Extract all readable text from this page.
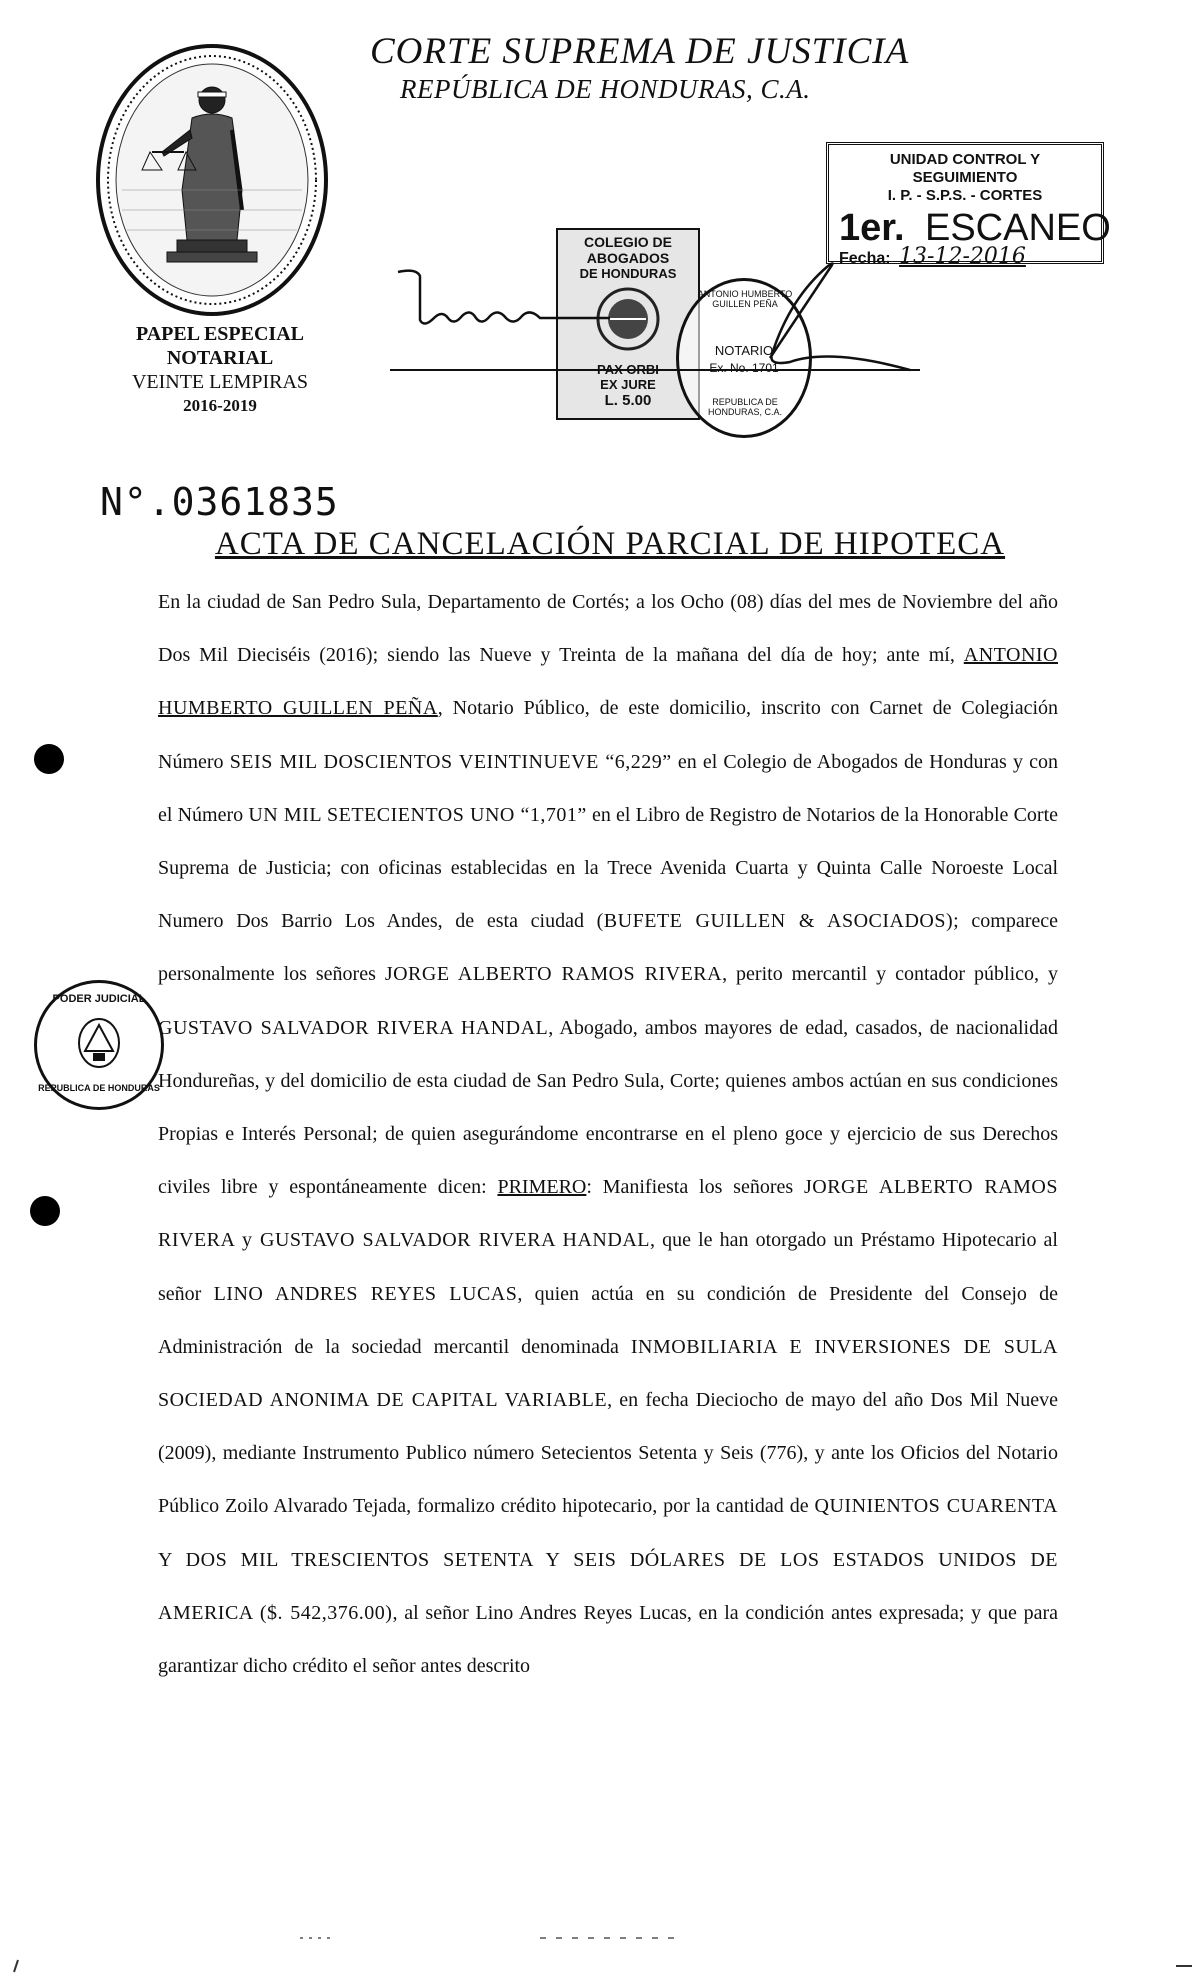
CORTE SUPREMA DE JUSTICIA
REPÚBLICA DE HONDURAS, C.A.
PAPEL ESPECIAL
NOTARIAL
VEINTE LEMPIRAS
2016-2019
COLEGIO DE
ABOGADOS
DE HONDURAS
PAX ORBI
EX JURE
L. 5.00
ANTONIO HUMBERTO GUILLEN PEÑA
NOTARIO
Ex. No. 1701
REPUBLICA DE HONDURAS, C.A.
UNIDAD CONTROL Y SEGUIMIENTO
I. P. - S.P.S. - CORTES
1er. ESCANEO
Fecha: 13-12-2016
N°.0361835
ACTA DE CANCELACIÓN PARCIAL DE HIPOTECA
PODER JUDICIAL
REPUBLICA DE HONDURAS

En la ciudad de San Pedro Sula, Departamento de Cortés; a los Ocho (08) días del mes de Noviembre del año Dos Mil Dieciséis (2016); siendo las Nueve y Treinta de la mañana del día de hoy; ante mí, ANTONIO HUMBERTO GUILLEN PEÑA, Notario Público, de este domicilio, inscrito con Carnet de Colegiación Número SEIS MIL DOSCIENTOS VEINTINUEVE “6,229” en el Colegio de Abogados de Honduras y con el Número UN MIL SETECIENTOS UNO “1,701” en el Libro de Registro de Notarios de la Honorable Corte Suprema de Justicia; con oficinas establecidas en la Trece Avenida Cuarta y Quinta Calle Noroeste Local Numero Dos Barrio Los Andes, de esta ciudad (BUFETE GUILLEN & ASOCIADOS); comparece personalmente los señores JORGE ALBERTO RAMOS RIVERA, perito mercantil y contador público, y GUSTAVO SALVADOR RIVERA HANDAL, Abogado, ambos mayores de edad, casados, de nacionalidad Hondureñas, y del domicilio de esta ciudad de San Pedro Sula, Corte; quienes ambos actúan en sus condiciones Propias e Interés Personal; de quien asegurándome encontrarse en el pleno goce y ejercicio de sus Derechos civiles libre y espontáneamente dicen: PRIMERO: Manifiesta los señores JORGE ALBERTO RAMOS RIVERA y GUSTAVO SALVADOR RIVERA HANDAL, que le han otorgado un Préstamo Hipotecario al señor LINO ANDRES REYES LUCAS, quien actúa en su condición de Presidente del Consejo de Administración de la sociedad mercantil denominada INMOBILIARIA E INVERSIONES DE SULA SOCIEDAD ANONIMA DE CAPITAL VARIABLE, en fecha Dieciocho de mayo del año Dos Mil Nueve (2009), mediante Instrumento Publico número Setecientos Setenta y Seis (776), y ante los Oficios del Notario Público Zoilo Alvarado Tejada, formalizo crédito hipotecario, por la cantidad de QUINIENTOS CUARENTA Y DOS MIL TRESCIENTOS SETENTA Y SEIS DÓLARES DE LOS ESTADOS UNIDOS DE AMERICA ($. 542,376.00), al señor Lino Andres Reyes Lucas, en la condición antes expresada; y que para garantizar dicho crédito el señor antes descrito
